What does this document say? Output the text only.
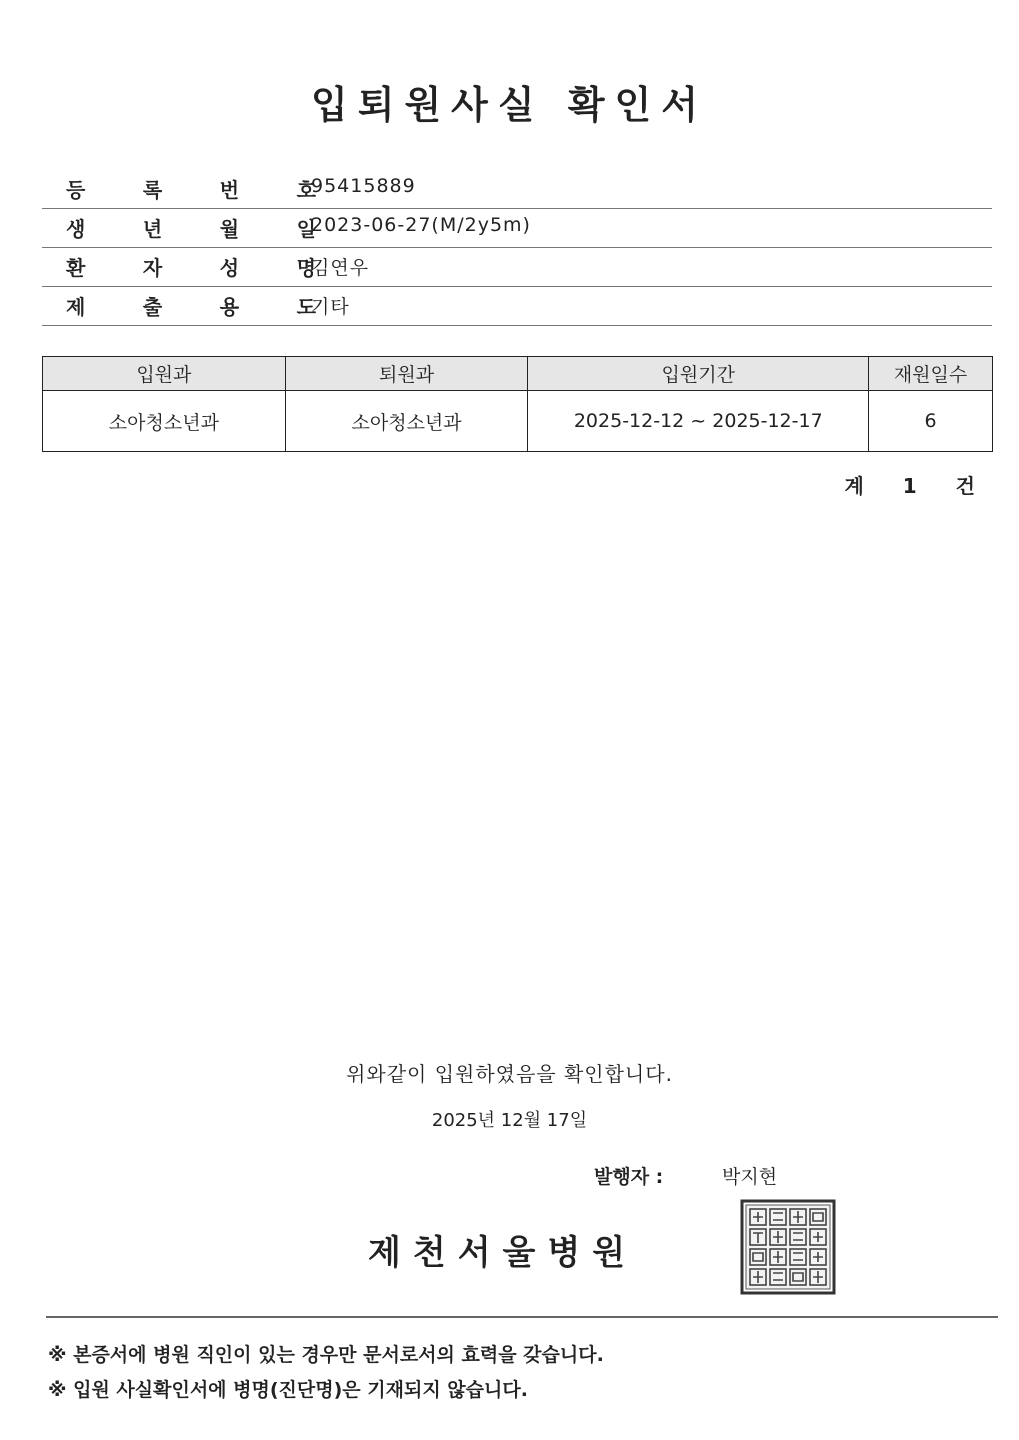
입퇴원사실 확인서
등	록	번	호
95415889
생	년	월	일
2023-06-27(M/2y5m)
환	자	성	명
김연우
제	출	용	도
기타
입원과	퇴원과	입원기간	재원일수
소아청소년과	소아청소년과	2025-12-12 ~ 2025-12-17	6
계 1 건
위와같이 입원하였음을 확인합니다.
2025년 12월 17일
발행자 :	박지현
제천서울병원
※ 본증서에 병원 직인이 있는 경우만 문서로서의 효력을 갖습니다.
※ 입원 사실확인서에 병명(진단명)은 기재되지 않습니다.
